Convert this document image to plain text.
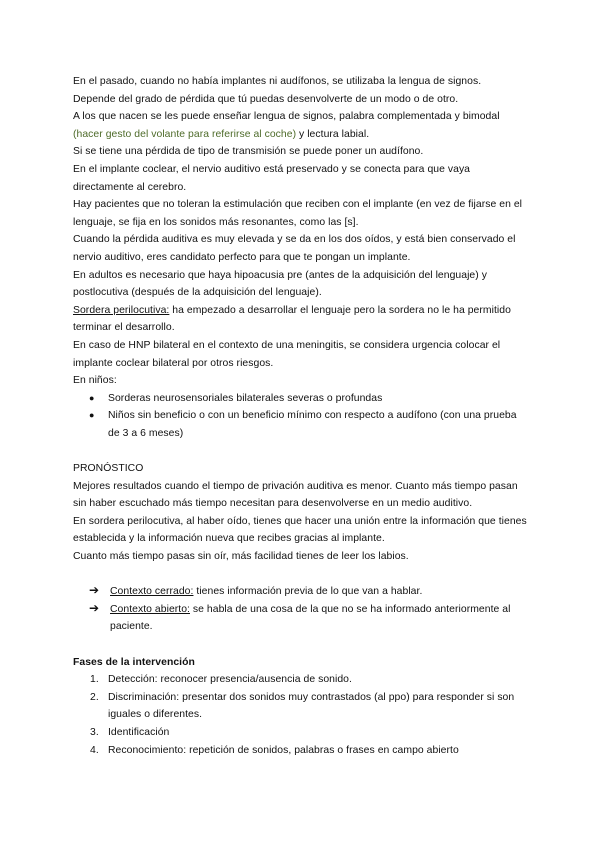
En el pasado, cuando no había implantes ni audífonos, se utilizaba la lengua de signos.

Depende del grado de pérdida que tú puedas desenvolverte de un modo o de otro.

A los que nacen se les puede enseñar lengua de signos, palabra complementada y bimodal (hacer gesto del volante para referirse al coche) y lectura labial.

Si se tiene una pérdida de tipo de transmisión se puede poner un audífono.

En el implante coclear, el nervio auditivo está preservado y se conecta para que vaya directamente al cerebro.

Hay pacientes que no toleran la estimulación que reciben con el implante (en vez de fijarse en el lenguaje, se fija en los sonidos más resonantes, como las [s].

Cuando la pérdida auditiva es muy elevada y se da en los dos oídos, y está bien conservado el nervio auditivo, eres candidato perfecto para que te pongan un implante.

En adultos es necesario que haya hipoacusia pre (antes de la adquisición del lenguaje) y postlocutiva (después de la adquisición del lenguaje).

Sordera perilocutiva: ha empezado a desarrollar el lenguaje pero la sordera no le ha permitido terminar el desarrollo.

En caso de HNP bilateral en el contexto de una meningitis, se considera urgencia colocar el implante coclear bilateral por otros riesgos.

En niños:

● Sorderas neurosensoriales bilaterales severas o profundas
● Niños sin beneficio o con un beneficio mínimo con respecto a audífono (con una prueba de 3 a 6 meses)

PRONÓSTICO

Mejores resultados cuando el tiempo de privación auditiva es menor. Cuanto más tiempo pasan sin haber escuchado más tiempo necesitan para desenvolverse en un medio auditivo.

En sordera perilocutiva, al haber oído, tienes que hacer una unión entre la información que tienes establecida y la información nueva que recibes gracias al implante.

Cuanto más tiempo pasas sin oír, más facilidad tienes de leer los labios.

➔ Contexto cerrado: tienes información previa de lo que van a hablar.
➔ Contexto abierto: se habla de una cosa de la que no se ha informado anteriormente al paciente.

Fases de la intervención

1. Detección: reconocer presencia/ausencia de sonido.
2. Discriminación: presentar dos sonidos muy contrastados (al ppo) para responder si son iguales o diferentes.
3. Identificación
4. Reconocimiento: repetición de sonidos, palabras o frases en campo abierto
